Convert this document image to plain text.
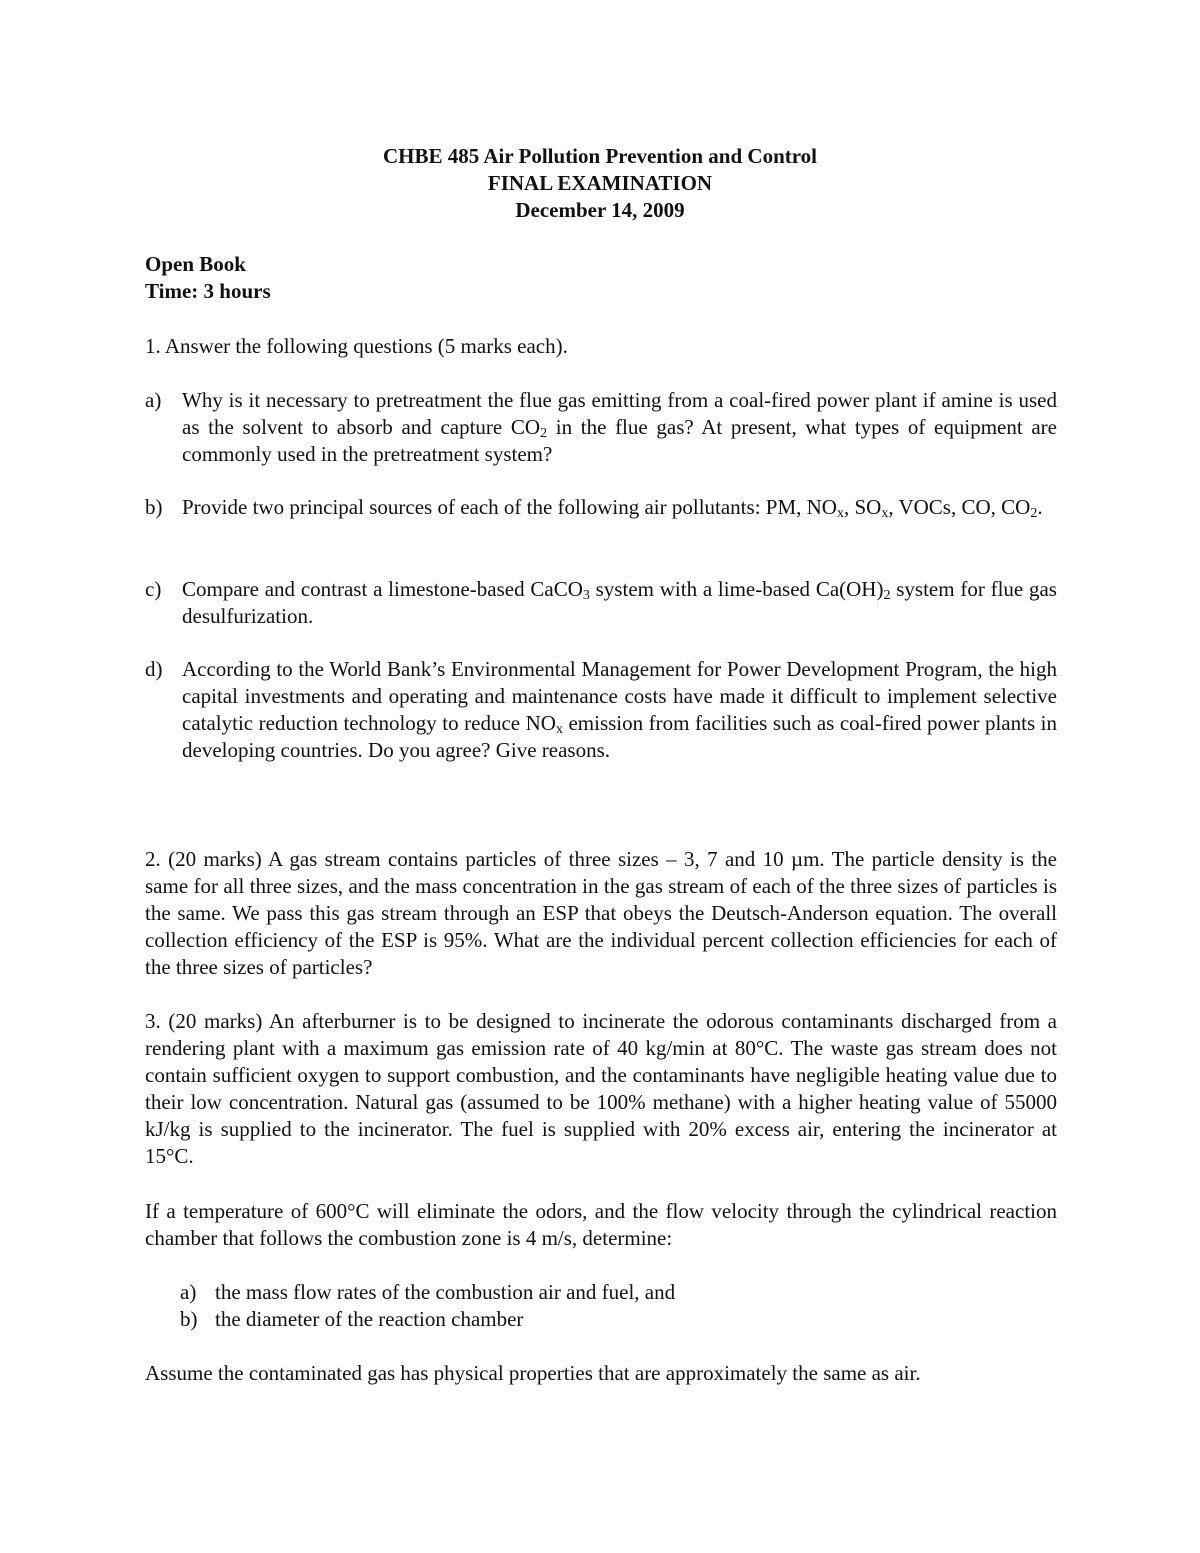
CHBE 485 Air Pollution Prevention and Control
FINAL EXAMINATION
December 14, 2009
Open Book
Time: 3 hours
1. Answer the following questions (5 marks each).
a) Why is it necessary to pretreatment the flue gas emitting from a coal-fired power plant if amine is used as the solvent to absorb and capture $CO_2$ in the flue gas? At present, what types of equipment are commonly used in the pretreatment system?
b) Provide two principal sources of each of the following air pollutants: PM, $NO_x$, $SO_x$, VOCs, CO, $CO_2$.
c) Compare and contrast a limestone-based CaCO$_3$ system with a lime-based $Ca(OH)_2$ system for flue gas desulfurization.
d) According to the World Bank’s Environmental Management for Power Development Program, the high capital investments and operating and maintenance costs have made it difficult to implement selective catalytic reduction technology to reduce $NO_x$ emission from facilities such as coal-fired power plants in developing countries. Do you agree? Give reasons.
2. (20 marks) A gas stream contains particles of three sizes – 3, 7 and 10 µm. The particle density is the same for all three sizes, and the mass concentration in the gas stream of each of the three sizes of particles is the same. We pass this gas stream through an ESP that obeys the Deutsch-Anderson equation. The overall collection efficiency of the ESP is 95%. What are the individual percent collection efficiencies for each of the three sizes of particles?
3. (20 marks) An afterburner is to be designed to incinerate the odorous contaminants discharged from a rendering plant with a maximum gas emission rate of 40 kg/min at 80°C. The waste gas stream does not contain sufficient oxygen to support combustion, and the contaminants have negligible heating value due to their low concentration. Natural gas (assumed to be 100% methane) with a higher heating value of 55000 kJ/kg is supplied to the incinerator. The fuel is supplied with 20% excess air, entering the incinerator at 15°C.
If a temperature of 600°C will eliminate the odors, and the flow velocity through the cylindrical reaction chamber that follows the combustion zone is 4 m/s, determine:
a) the mass flow rates of the combustion air and fuel, and
b) the diameter of the reaction chamber
Assume the contaminated gas has physical properties that are approximately the same as air.
